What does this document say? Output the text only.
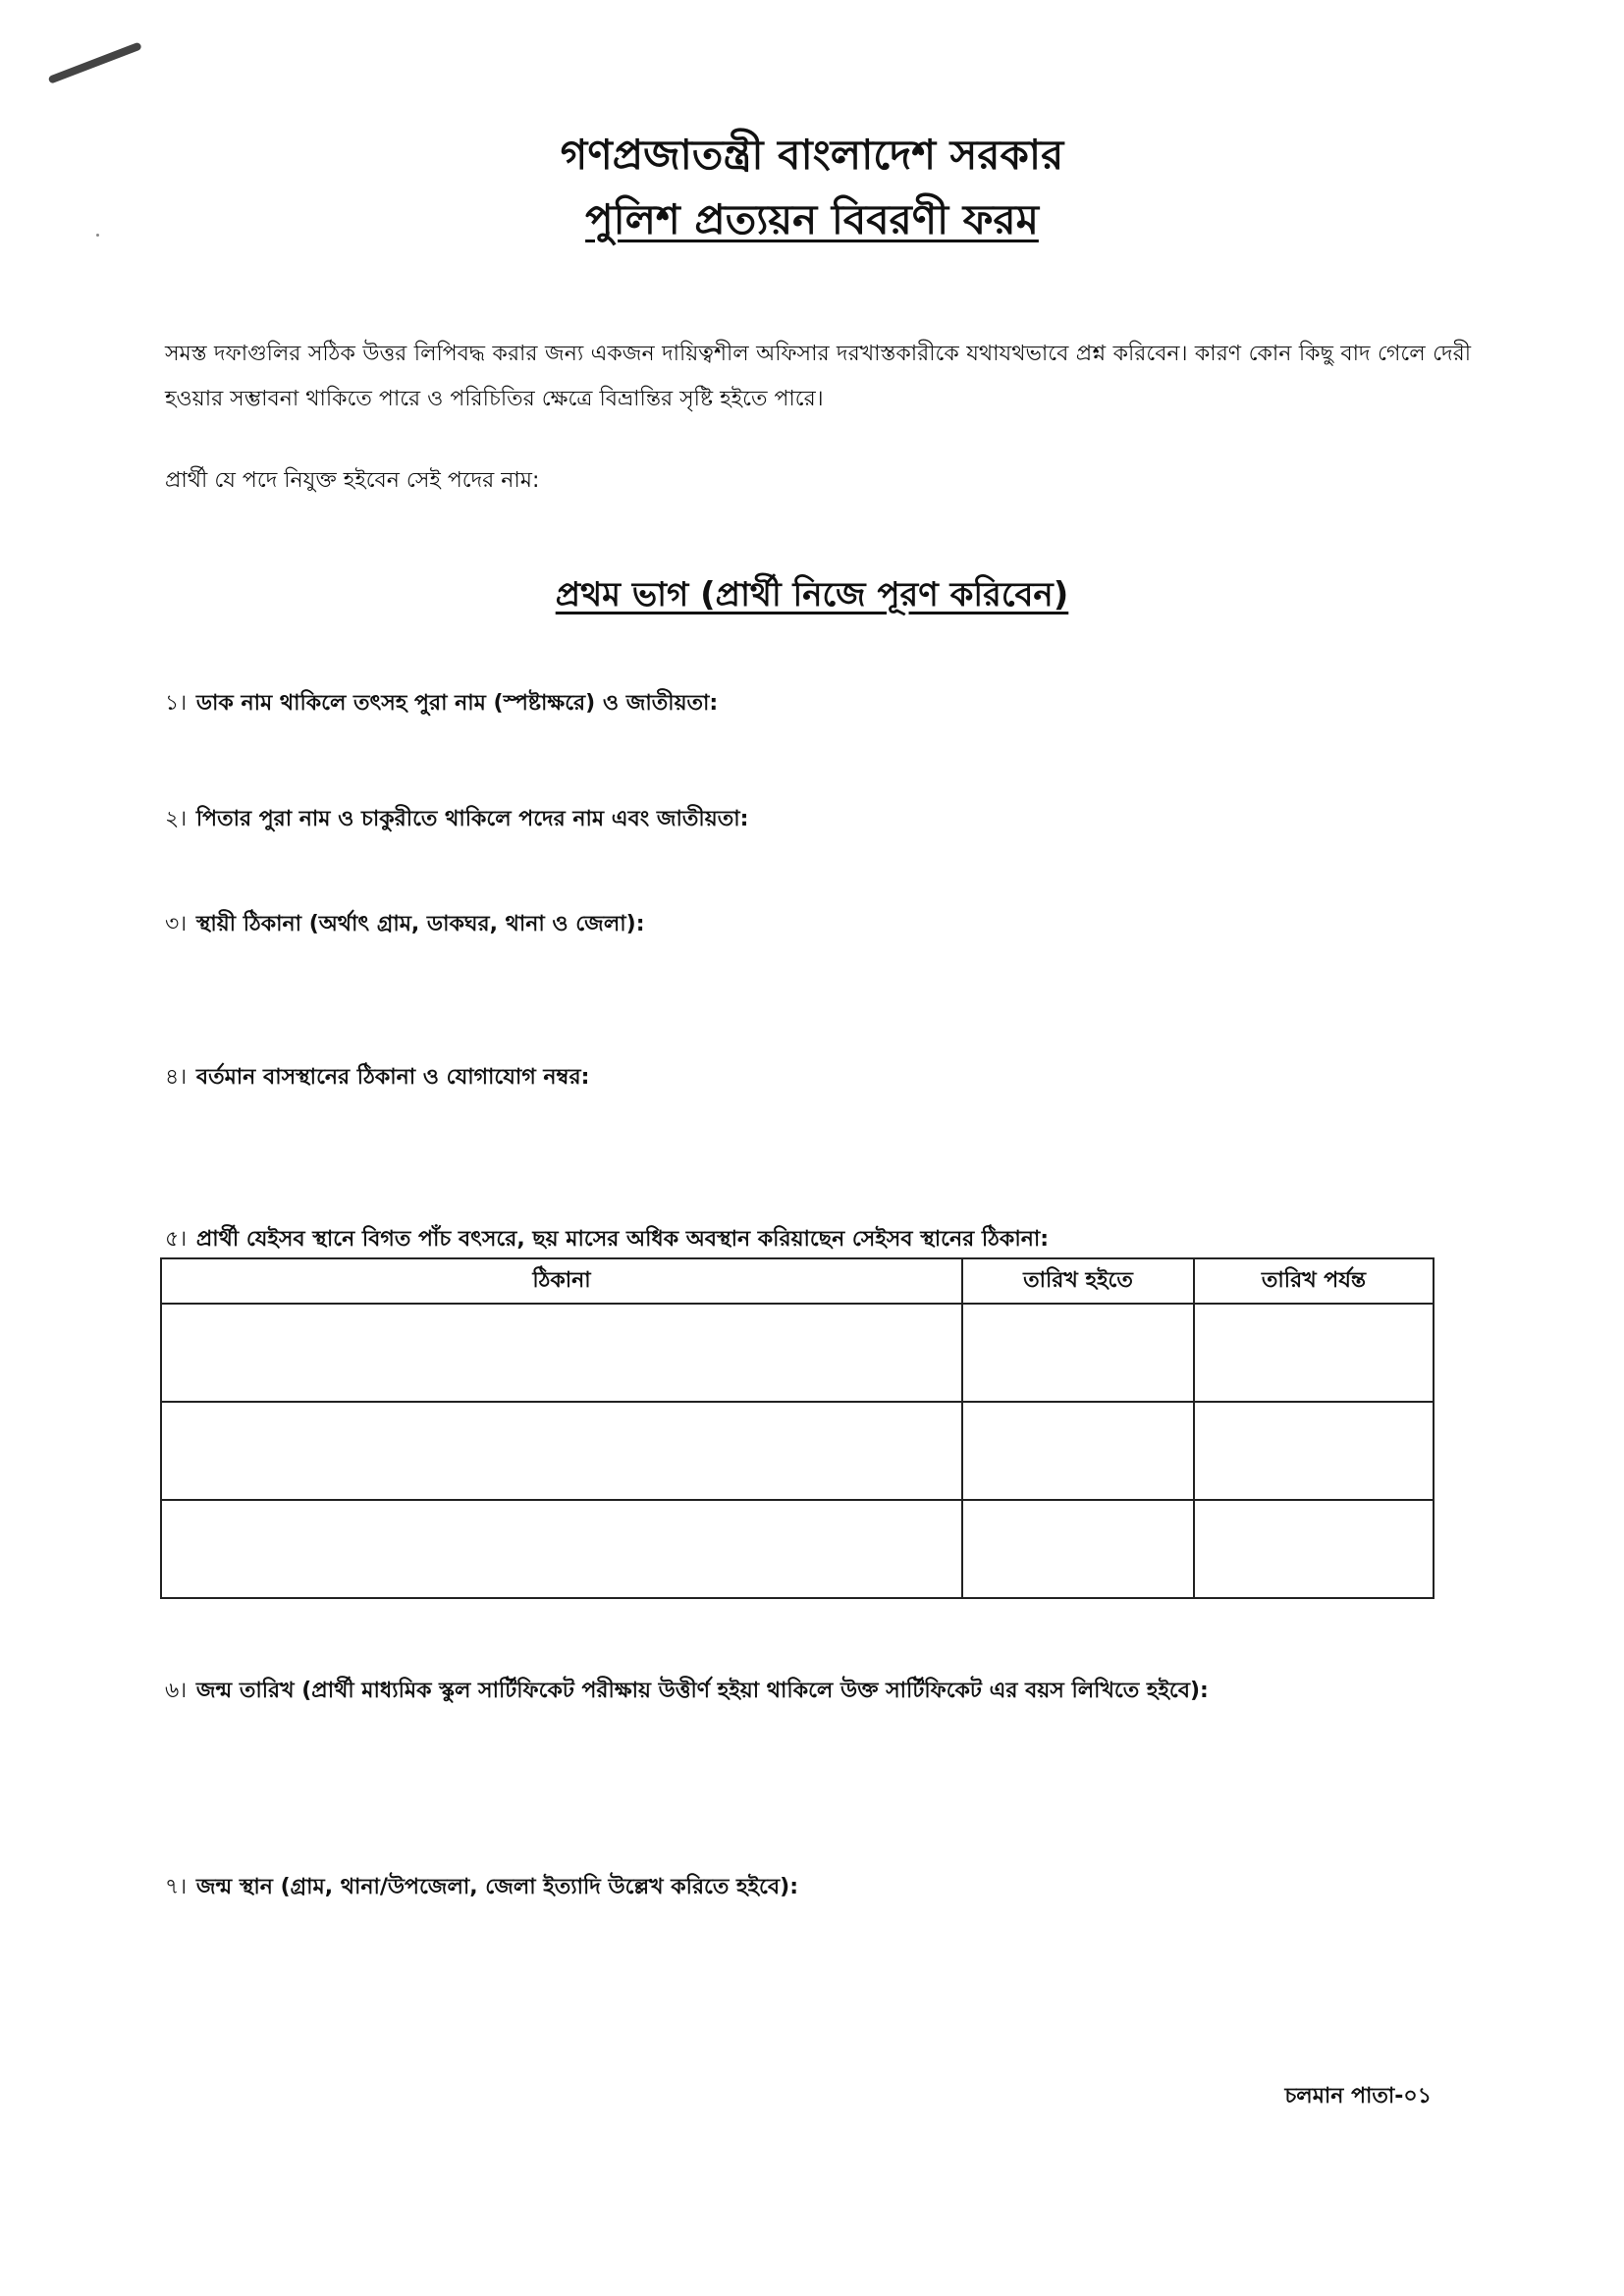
গণপ্রজাতন্ত্রী বাংলাদেশ সরকার
পুলিশ প্রত্যয়ন বিবরণী ফরম
সমস্ত দফাগুলির সঠিক উত্তর লিপিবদ্ধ করার জন্য একজন দায়িত্বশীল অফিসার দরখাস্তকারীকে যথাযথভাবে প্রশ্ন করিবেন। কারণ কোন কিছু বাদ গেলে দেরী হওয়ার সম্ভাবনা থাকিতে পারে ও পরিচিতির ক্ষেত্রে বিভ্রান্তির সৃষ্টি হইতে পারে।
প্রার্থী যে পদে নিযুক্ত হইবেন সেই পদের নাম:
প্রথম ভাগ (প্রার্থী নিজে পূরণ করিবেন)
১। ডাক নাম থাকিলে তৎসহ পুরা নাম (স্পষ্টাক্ষরে) ও জাতীয়তা:
২। পিতার পুরা নাম ও চাকুরীতে থাকিলে পদের নাম এবং জাতীয়তা:
৩। স্থায়ী ঠিকানা (অর্থাৎ গ্রাম, ডাকঘর, থানা ও জেলা):
৪। বর্তমান বাসস্থানের ঠিকানা ও যোগাযোগ নম্বর:
৫। প্রার্থী যেইসব স্থানে বিগত পাঁচ বৎসরে, ছয় মাসের অধিক অবস্থান করিয়াছেন সেইসব স্থানের ঠিকানা:
ঠিকানা	তারিখ হইতে	তারিখ পর্যন্ত

৬। জন্ম তারিখ (প্রার্থী মাধ্যমিক স্কুল সার্টিফিকেট পরীক্ষায় উত্তীর্ণ হইয়া থাকিলে উক্ত সার্টিফিকেট এর বয়স লিখিতে হইবে):
৭। জন্ম স্থান (গ্রাম, থানা/উপজেলা, জেলা ইত্যাদি উল্লেখ করিতে হইবে):
চলমান পাতা-০১
